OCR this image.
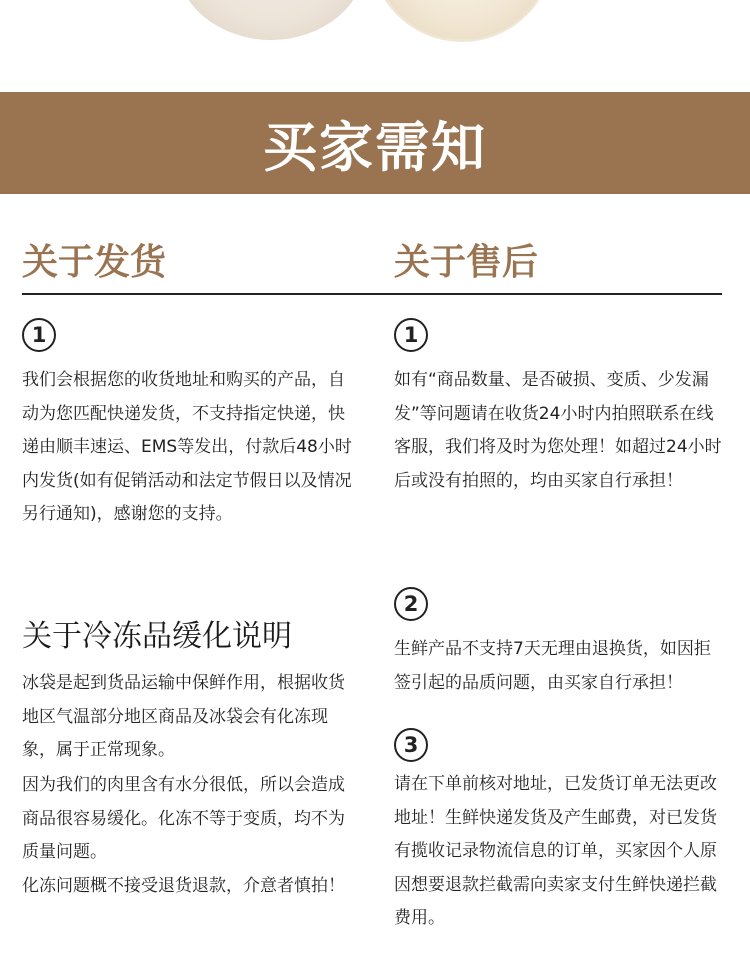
买家需知
关于发货	关于售后
1
我们会根据您的收货地址和购买的产品，自动为您匹配快递发货，不支持指定快递，快递由顺丰速运、EMS等发出，付款后48小时内发货(如有促销活动和法定节假日以及情况另行通知)，感谢您的支持。
关于冷冻品缓化说明
冰袋是起到货品运输中保鲜作用，根据收货地区气温部分地区商品及冰袋会有化冻现象，属于正常现象。
因为我们的肉里含有水分很低，所以会造成商品很容易缓化。化冻不等于变质，均不为质量问题。
化冻问题概不接受退货退款，介意者慎拍！
1
如有“商品数量、是否破损、变质、少发漏发”等问题请在收货24小时内拍照联系在线客服，我们将及时为您处理！如超过24小时后或没有拍照的，均由买家自行承担！
2
生鲜产品不支持7天无理由退换货，如因拒签引起的品质问题，由买家自行承担！
3
请在下单前核对地址，已发货订单无法更改地址！生鲜快递发货及产生邮费，对已发货有揽收记录物流信息的订单，买家因个人原因想要退款拦截需向卖家支付生鲜快递拦截费用。
